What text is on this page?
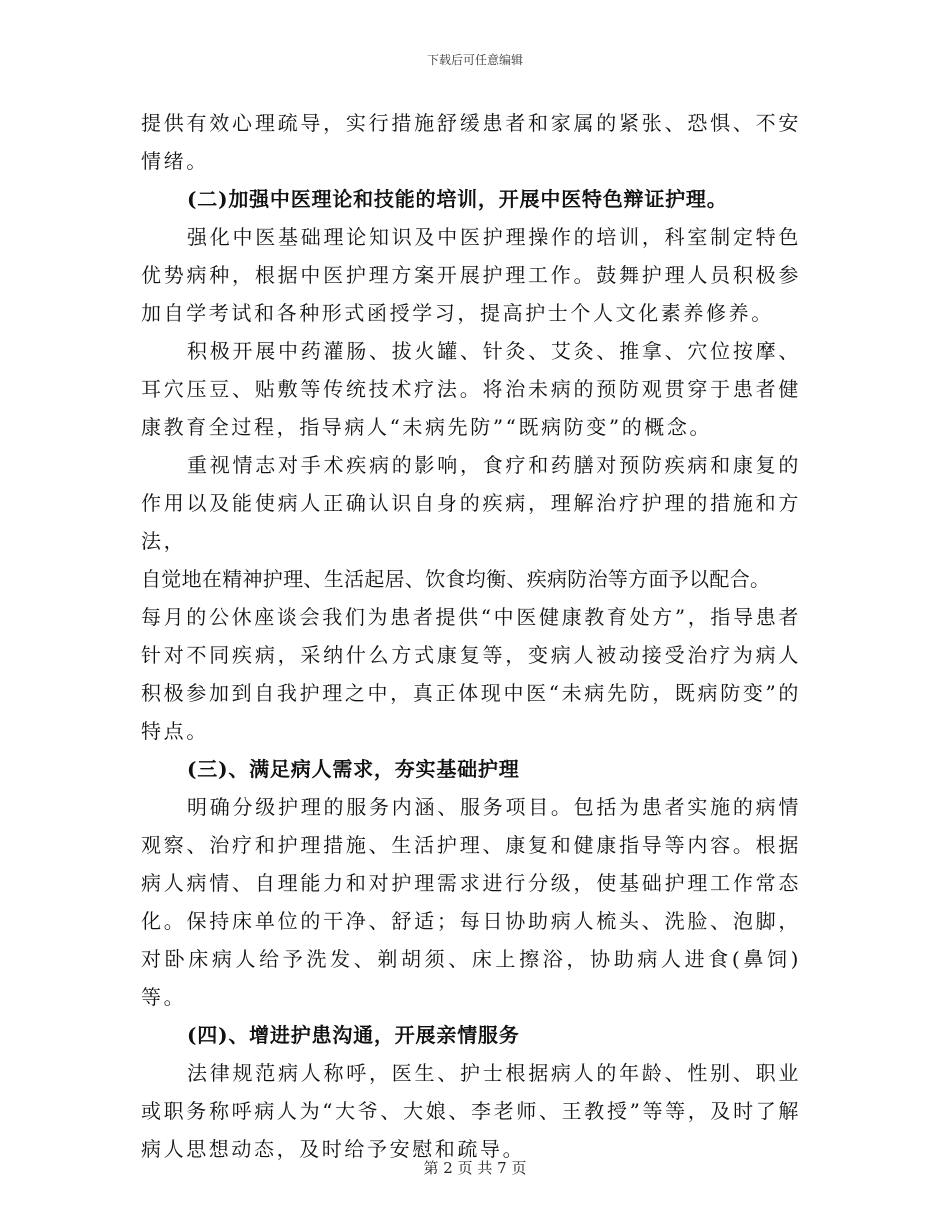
下载后可任意编辑

提供有效心理疏导，实行措施舒缓患者和家属的紧张、恐惧、不安情绪。

(二)加强中医理论和技能的培训，开展中医特色辩证护理。

强化中医基础理论知识及中医护理操作的培训，科室制定特色优势病种，根据中医护理方案开展护理工作。鼓舞护理人员积极参加自学考试和各种形式函授学习，提高护士个人文化素养修养。

积极开展中药灌肠、拔火罐、针灸、艾灸、推拿、穴位按摩、耳穴压豆、贴敷等传统技术疗法。将治未病的预防观贯穿于患者健康教育全过程，指导病人“未病先防”“既病防变”的概念。

重视情志对手术疾病的影响，食疗和药膳对预防疾病和康复的作用以及能使病人正确认识自身的疾病，理解治疗护理的措施和方法，

自觉地在精神护理、生活起居、饮食均衡、疾病防治等方面予以配合。

每月的公休座谈会我们为患者提供“中医健康教育处方”，指导患者针对不同疾病，采纳什么方式康复等，变病人被动接受治疗为病人积极参加到自我护理之中，真正体现中医“未病先防，既病防变”的特点。

(三)、满足病人需求，夯实基础护理

明确分级护理的服务内涵、服务项目。包括为患者实施的病情观察、治疗和护理措施、生活护理、康复和健康指导等内容。根据病人病情、自理能力和对护理需求进行分级，使基础护理工作常态化。保持床单位的干净、舒适；每日协助病人梳头、洗脸、泡脚，对卧床病人给予洗发、剃胡须、床上擦浴，协助病人进食(鼻饲)等。

(四)、增进护患沟通，开展亲情服务

法律规范病人称呼，医生、护士根据病人的年龄、性别、职业或职务称呼病人为“大爷、大娘、李老师、王教授”等等，及时了解病人思想动态，及时给予安慰和疏导。

第 2 页 共 7 页
